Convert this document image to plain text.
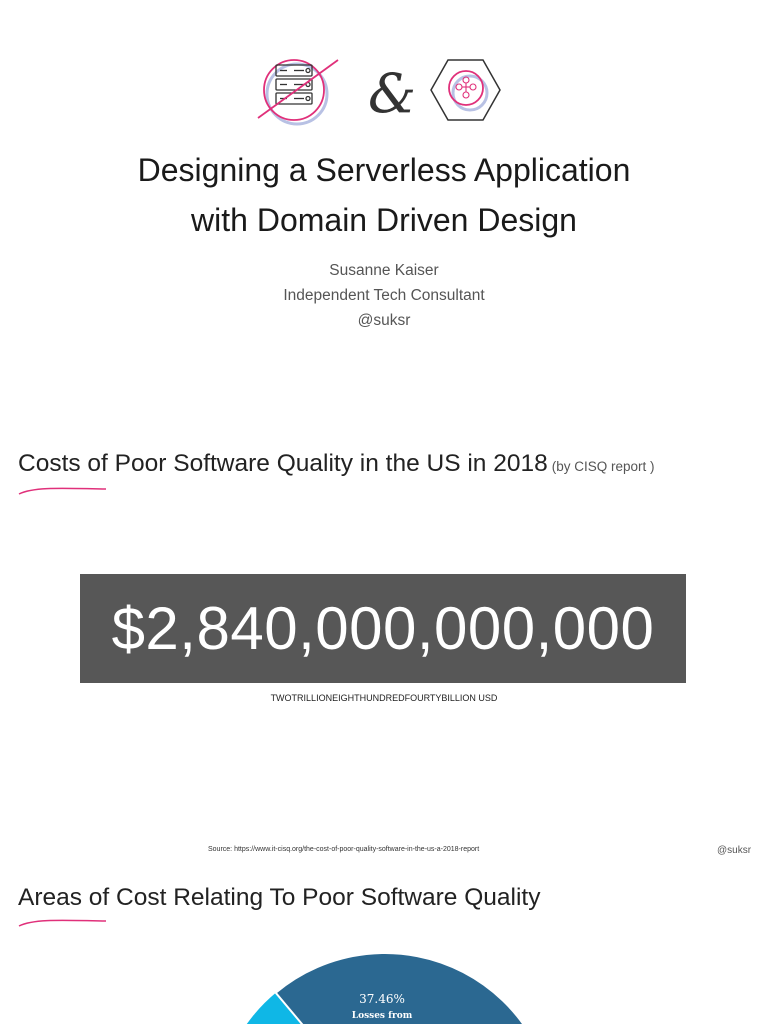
&
Designing a Serverless Application
with Domain Driven Design
Susanne Kaiser
Independent Tech Consultant
@suksr
Costs of Poor Software Quality in the US in 2018 (by CISQ report )
$2,840,000,000,000
TWOTRILLIONEIGHTHUNDREDFOURTYBILLION USD
Source: https://www.it-cisq.org/the-cost-of-poor-quality-software-in-the-us-a-2018-report	@suksr
Areas of Cost Relating To Poor Software Quality
37.46%
Losses from
